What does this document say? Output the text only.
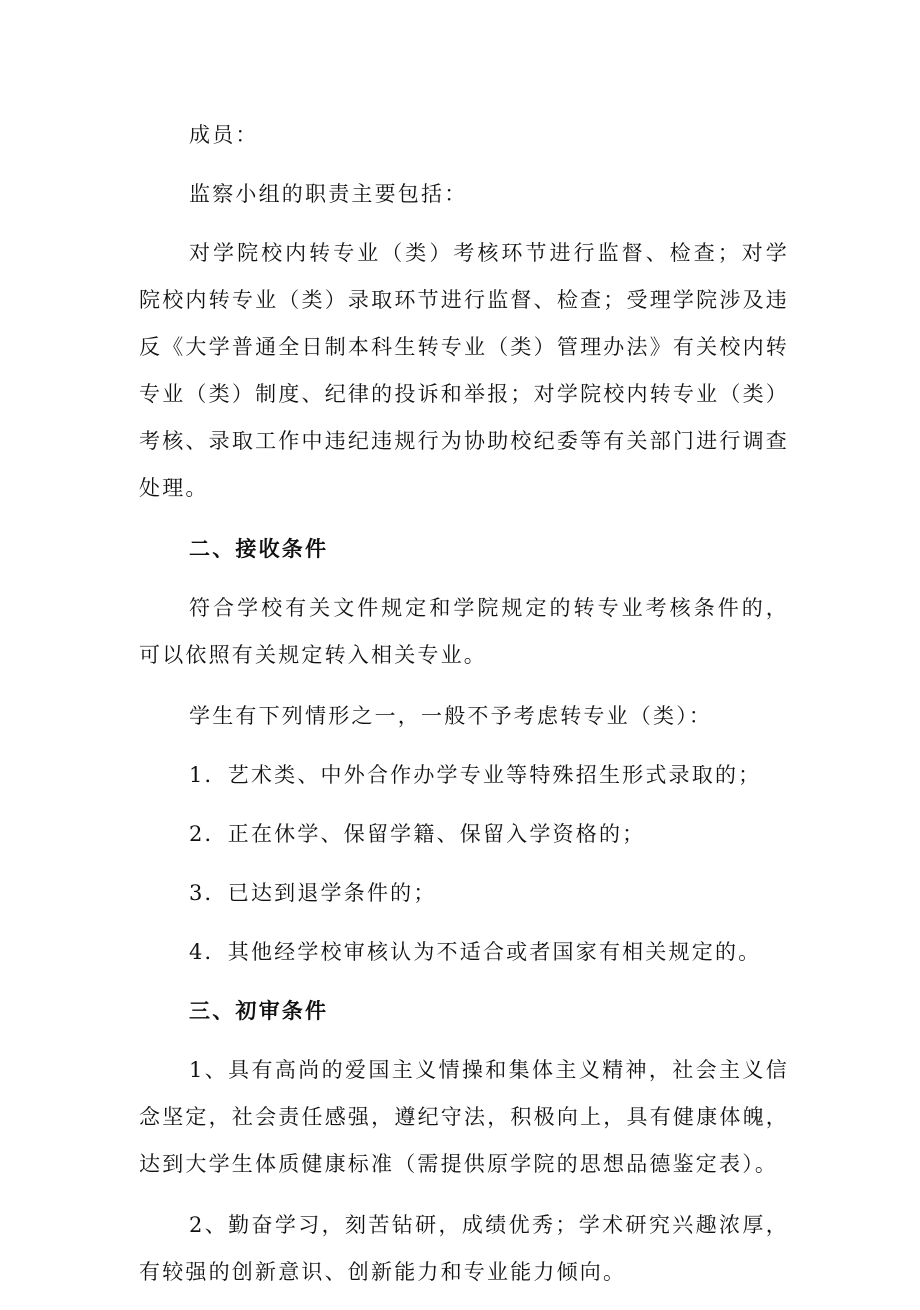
成员：

监察小组的职责主要包括：

对学院校内转专业（类）考核环节进行监督、检查；对学院校内转专业（类）录取环节进行监督、检查；受理学院涉及违反《大学普通全日制本科生转专业（类）管理办法》有关校内转专业（类）制度、纪律的投诉和举报；对学院校内转专业（类）考核、录取工作中违纪违规行为协助校纪委等有关部门进行调查处理。

二、接收条件

符合学校有关文件规定和学院规定的转专业考核条件的，可以依照有关规定转入相关专业。

学生有下列情形之一，一般不予考虑转专业（类）：

1．艺术类、中外合作办学专业等特殊招生形式录取的；

2．正在休学、保留学籍、保留入学资格的；

3．已达到退学条件的；

4．其他经学校审核认为不适合或者国家有相关规定的。

三、初审条件

1、具有高尚的爱国主义情操和集体主义精神，社会主义信念坚定，社会责任感强，遵纪守法，积极向上，具有健康体魄，达到大学生体质健康标准（需提供原学院的思想品德鉴定表）。

2、勤奋学习，刻苦钻研，成绩优秀；学术研究兴趣浓厚，有较强的创新意识、创新能力和专业能力倾向。
